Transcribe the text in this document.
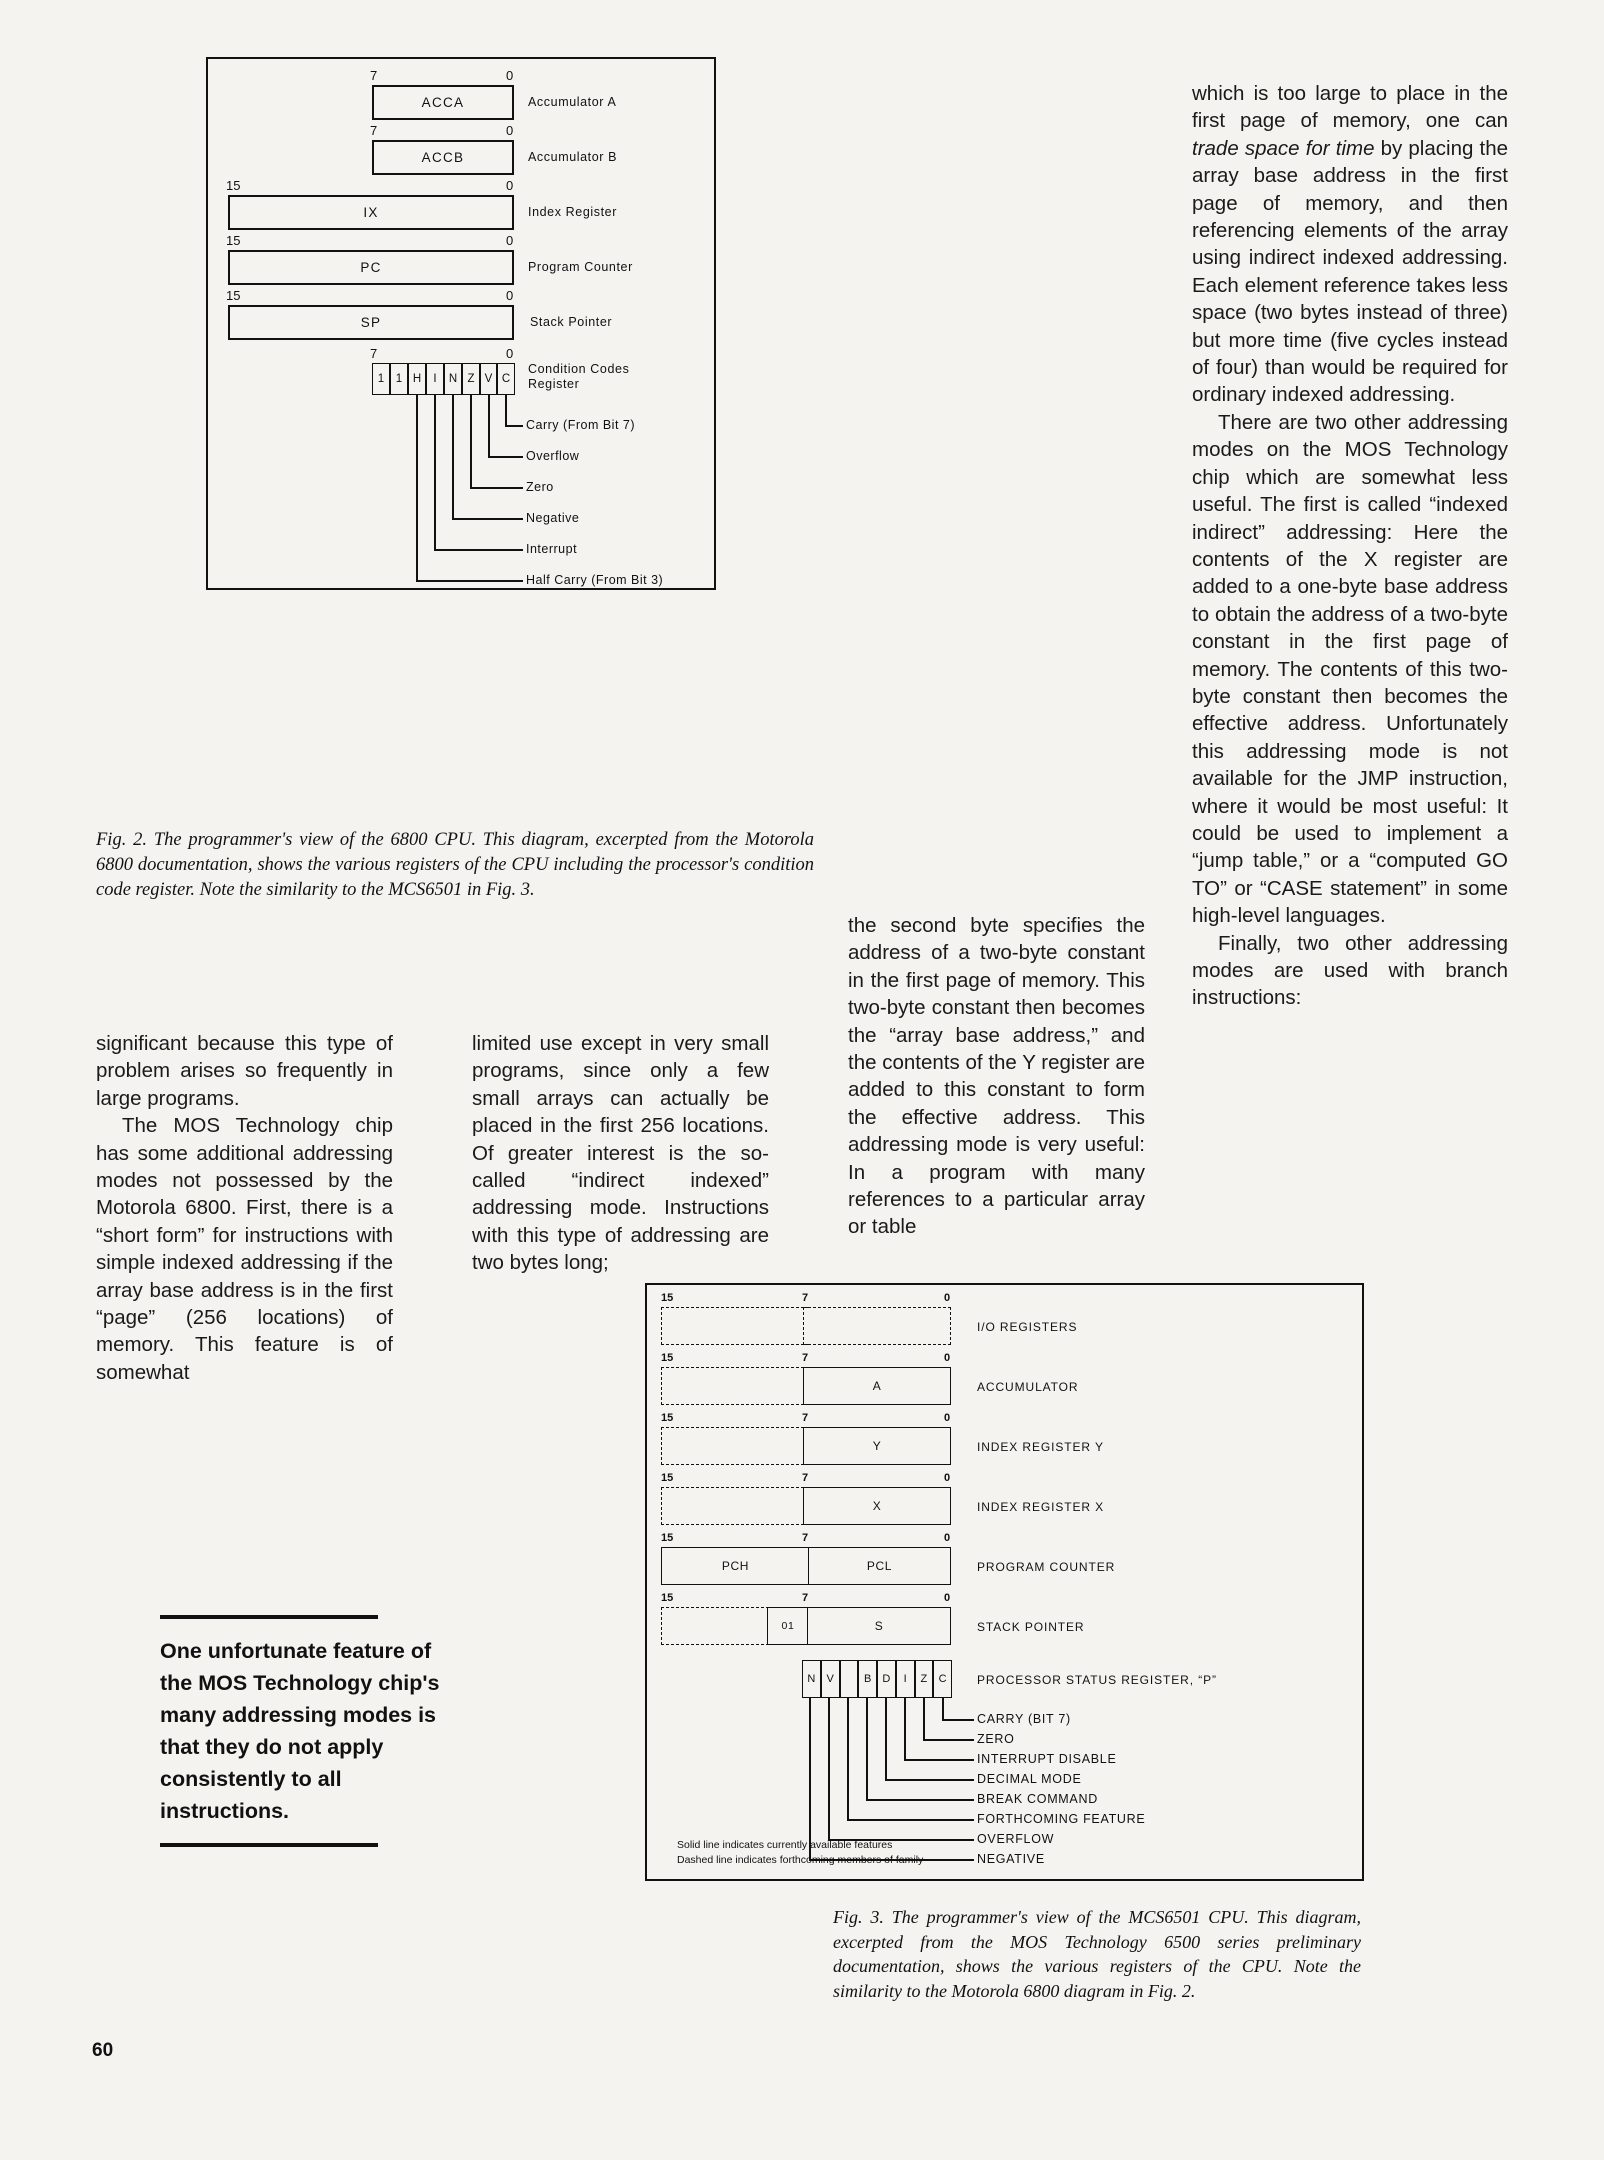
7	0
ACCA	Accumulator A
7	0
ACCB	Accumulator B
15	0
IX	Index Register
15	0
PC	Program Counter
15	0
SP	Stack Pointer
7	0
1	1 H	I	N Z V C
Condition Codes
Register
Carry (From Bit 7)
Overflow
Zero
Negative
Interrupt
Half Carry (From Bit 3)
Fig. 2. The programmer's view of the 6800 CPU. This diagram, excerpted from the Motorola 6800 documentation, shows the various registers of the CPU including the processor's condition code register. Note the similarity to the MCS6501 in Fig. 3.

significant because this type of problem arises so frequently in large programs.

The MOS Technology chip has some additional addressing modes not possessed by the Motorola 6800. First, there is a “short form” for instructions with simple indexed addressing if the array base address is in the first “page” (256 locations) of memory. This feature is of somewhat

limited use except in very small programs, since only a few small arrays can actually be placed in the first 256 locations. Of greater interest is the so-called “indirect indexed” addressing mode. Instructions with this type of addressing are two bytes long;

the second byte specifies the address of a two-byte constant in the first page of memory. This two-byte constant then becomes the “array base address,” and the contents of the Y register are added to this constant to form the effective address. This addressing mode is very useful: In a program with many references to a particular array or table

which is too large to place in the first page of memory, one can trade space for time by placing the array base address in the first page of memory, and then referencing elements of the array using indirect indexed addressing. Each element reference takes less space (two bytes instead of three) but more time (five cycles instead of four) than would be required for ordinary indexed addressing.

There are two other addressing modes on the MOS Technology chip which are somewhat less useful. The first is called “indexed indirect” addressing: Here the contents of the X register are added to a one-byte base address to obtain the address of a two-byte constant in the first page of memory. The contents of this two-byte constant then becomes the effective address. Unfortunately this addressing mode is not available for the JMP instruction, where it would be most useful: It could be used to implement a “jump table,” or a “computed GO TO” or “CASE statement” in some high-level languages.

Finally, two other addressing modes are used with branch instructions:

One unfortunate feature of the MOS Technology chip's many addressing modes is that they do not apply consistently to all instructions.
15	7	0
I/O REGISTERS
15	7	0
A	ACCUMULATOR
15	7	0
Y	INDEX REGISTER Y
15	7	0
X	INDEX REGISTER X
15	7	0
PCH	PCL	PROGRAM COUNTER
15	7	0
01	S	STACK POINTER
N	V	B	D	I	Z	C	PROCESSOR STATUS REGISTER, “P”
CARRY (BIT 7)
ZERO
INTERRUPT DISABLE
DECIMAL MODE
BREAK COMMAND
FORTHCOMING FEATURE
OVERFLOW
NEGATIVE
Solid line indicates currently available features
Dashed line indicates forthcoming members of family
Fig. 3. The programmer's view of the MCS6501 CPU. This diagram, excerpted from the MOS Technology 6500 series preliminary documentation, shows the various registers of the CPU. Note the similarity to the Motorola 6800 diagram in Fig. 2.
60
